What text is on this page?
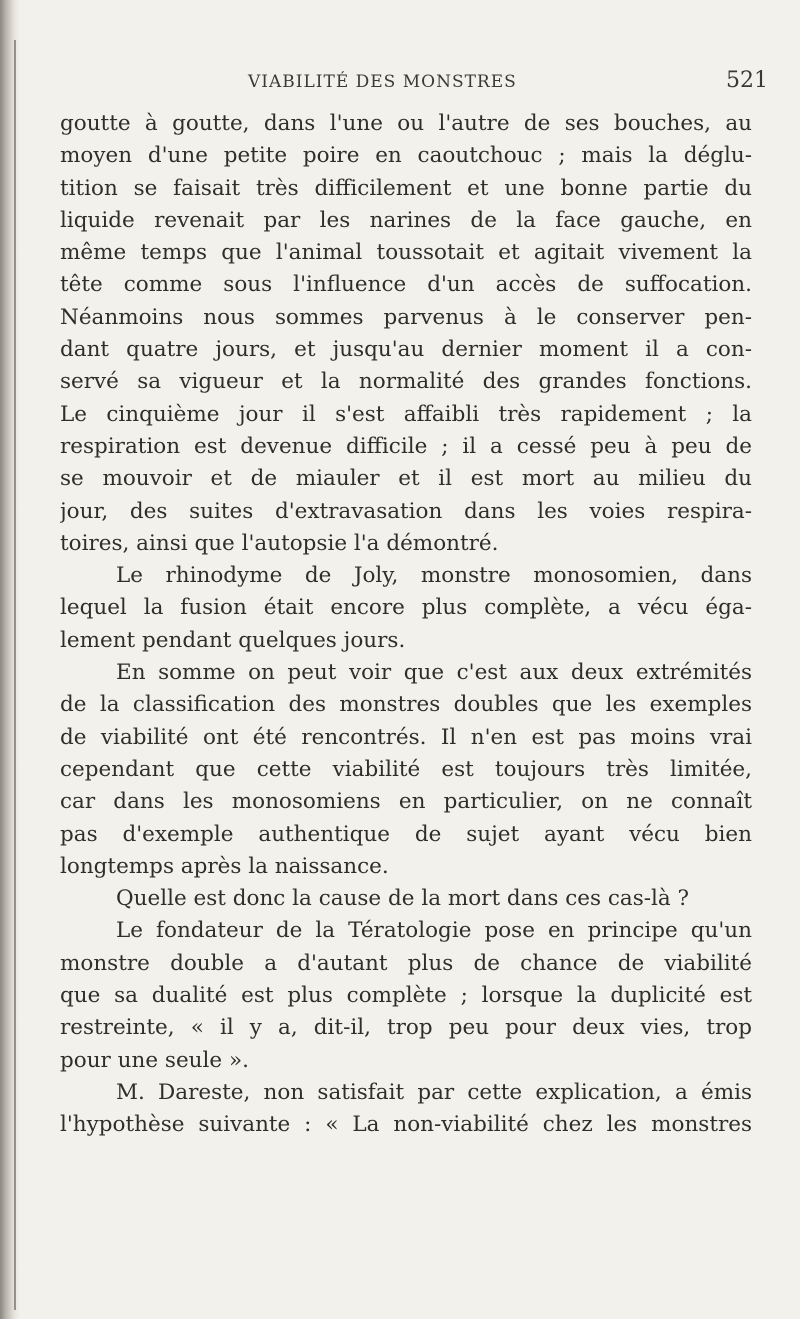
VIABILITÉ DES MONSTRES	521
goutte à goutte, dans l'une ou l'autre de ses bouches, au
moyen d'une petite poire en caoutchouc ; mais la déglu-
tition se faisait très difficilement et une bonne partie du
liquide revenait par les narines de la face gauche, en
même temps que l'animal toussotait et agitait vivement la
tête comme sous l'influence d'un accès de suffocation.
Néanmoins nous sommes parvenus à le conserver pen-
dant quatre jours, et jusqu'au dernier moment il a con-
servé sa vigueur et la normalité des grandes fonctions.
Le cinquième jour il s'est affaibli très rapidement ; la
respiration est devenue difficile ; il a cessé peu à peu de
se mouvoir et de miauler et il est mort au milieu du
jour, des suites d'extravasation dans les voies respira-
toires, ainsi que l'autopsie l'a démontré.
Le rhinodyme de Joly, monstre monosomien, dans
lequel la fusion était encore plus complète, a vécu éga-
lement pendant quelques jours.
En somme on peut voir que c'est aux deux extrémités
de la classification des monstres doubles que les exemples
de viabilité ont été rencontrés. Il n'en est pas moins vrai
cependant que cette viabilité est toujours très limitée,
car dans les monosomiens en particulier, on ne connaît
pas d'exemple authentique de sujet ayant vécu bien
longtemps après la naissance.
Quelle est donc la cause de la mort dans ces cas-là ?
Le fondateur de la Tératologie pose en principe qu'un
monstre double a d'autant plus de chance de viabilité
que sa dualité est plus complète ; lorsque la duplicité est
restreinte, « il y a, dit-il, trop peu pour deux vies, trop
pour une seule ».
M. Dareste, non satisfait par cette explication, a émis
l'hypothèse suivante : « La non-viabilité chez les monstres
